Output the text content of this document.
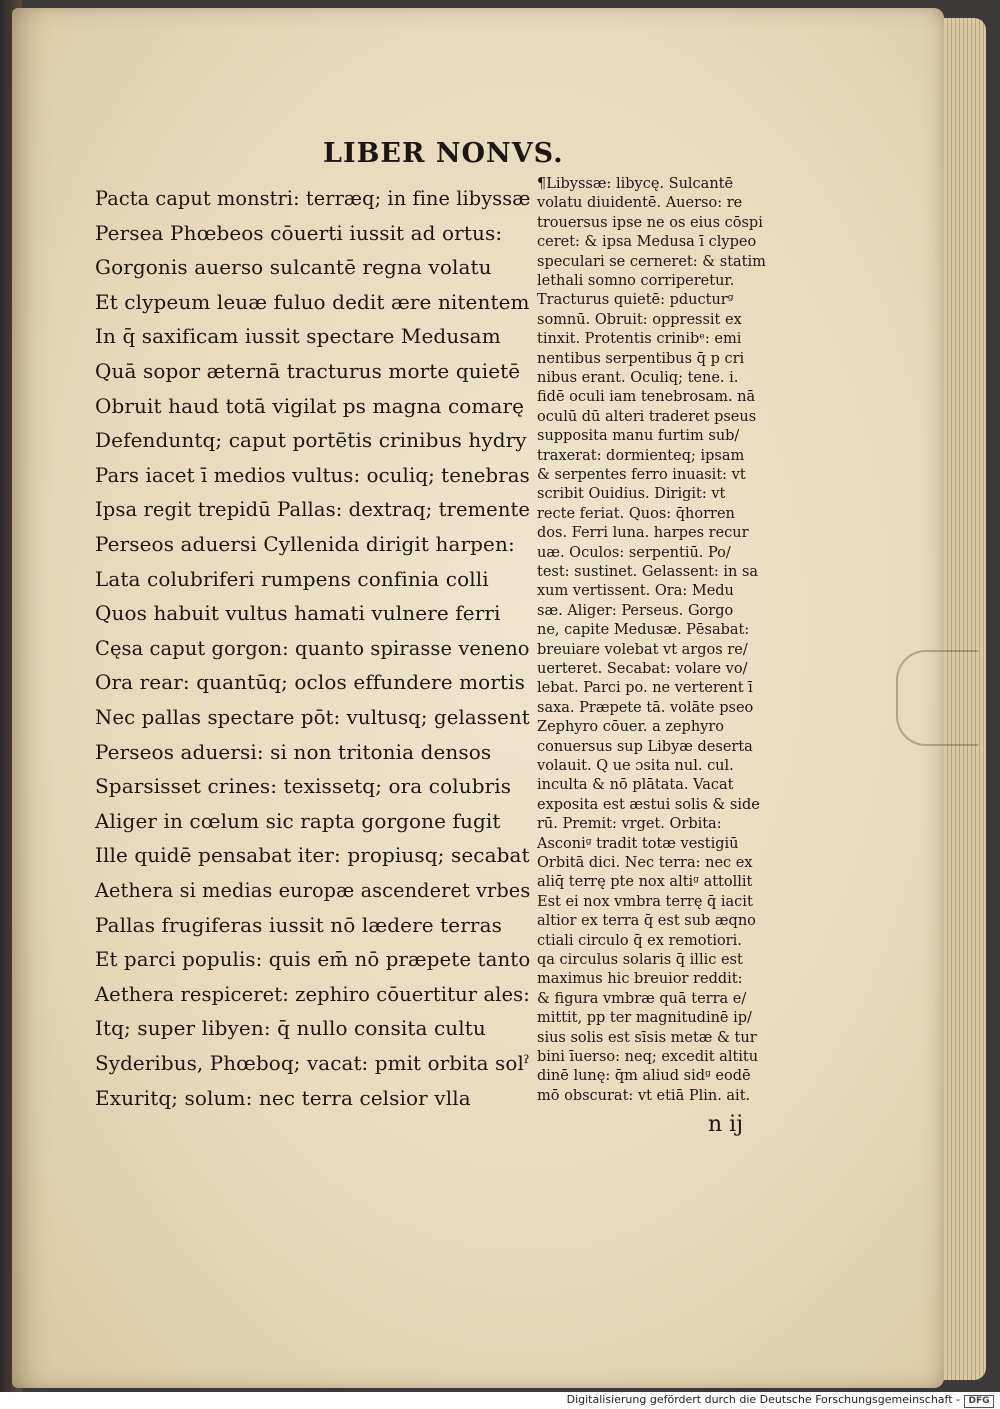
LIBER NONVS.

Pacta caput monstri: terræq; in fine libyssæ

Persea Phœbeos cōuerti iussit ad ortus:

Gorgonis auerso sulcantē regna volatu

Et clypeum leuæ fuluo dedit ære nitentem

In q̄ saxificam iussit spectare Medusam

Quā sopor æternā tracturus morte quietē

Obruit haud totā vigilat ps magna comarę

Defenduntq; caput portētis crinibus hydry

Pars iacet ī medios vultus: oculiq; tenebras

Ipsa regit trepidū Pallas: dextraq; tremente

Perseos aduersi Cyllenida dirigit harpen:

Lata colubriferi rumpens confinia colli

Quos habuit vultus hamati vulnere ferri

Cęsa caput gorgon: quanto spirasse veneno

Ora rear: quantūq; oclos effundere mortis

Nec pallas spectare pōt: vultusq; gelassent

Perseos aduersi: si non tritonia densos

Sparsisset crines: texissetq; ora colubris

Aliger in cœlum sic rapta gorgone fugit

Ille quidē pensabat iter: propiusq; secabat

Aethera si medias europæ ascenderet vrbes

Pallas frugiferas iussit nō lædere terras

Et parci populis: quis em̄ nō præpete tanto

Aethera respiceret: zephiro cōuertitur ales:

Itq; super libyen: q̄ nullo consita cultu

Syderibus, Phœboq; vacat: pmit orbita solˀ

Exuritq; solum: nec terra celsior vlla

¶Libyssæ: libycę. Sulcantē

volatu diuidentē. Auerso: re

trouersus ipse ne os eius cōspi

ceret: & ipsa Medusa ī clypeo

speculari se cerneret: & statim

lethali somno corriperetur.

Tracturus quietē: pducturᵍ

somnū. Obruit: oppressit ex

tinxit. Protentis crinibᵉ: emi

nentibus serpentibus q̄ p cri

nibus erant. Oculiq; tene. i.

fidē oculi iam tenebrosam. nā

oculū dū alteri traderet pseus

supposita manu furtim sub/

traxerat: dormienteq; ipsam

& serpentes ferro inuasit: vt

scribit Ouidius. Dirigit: vt

recte feriat. Quos: q̄horren

dos. Ferri luna. harpes recur

uæ. Oculos: serpentiū. Po/

test: sustinet. Gelassent: in sa

xum vertissent. Ora: Medu

sæ. Aliger: Perseus. Gorgo

ne, capite Medusæ. Pēsabat:

breuiare volebat vt argos re/

uerteret. Secabat: volare vo/

lebat. Parci po. ne verterent ī

saxa. Præpete tā. volāte pseo

Zephyro cōuer. a zephyro

conuersus sup Libyæ deserta

volauit. Q ue ɔsita nul. cul.

inculta & nō plātata. Vacat

exposita est æstui solis & side

rū. Premit: vrget. Orbita:

Asconiᵍ tradit totæ vestigiū

Orbitā dici. Nec terra: nec ex

aliq̄ terrę pte nox altiᵍ attollit

Est ei nox vmbra terrę q̄ iacit

altior ex terra q̄ est sub æqno

ctiali circulo q̄ ex remotiori.

qa circulus solaris q̄ illic est

maximus hic breuior reddit:

& figura vmbræ quā terra e/

mittit, pp ter magnitudinē ip/

sius solis est sīsis metæ & tur

bini īuerso: neq; excedit altitu

dinē lunę: q̄m aliud sidᵍ eodē

mō obscurat: vt etiā Plin. ait.

n ij

Digitalisierung gefördert durch die Deutsche Forschungsgemeinschaft - DFG
